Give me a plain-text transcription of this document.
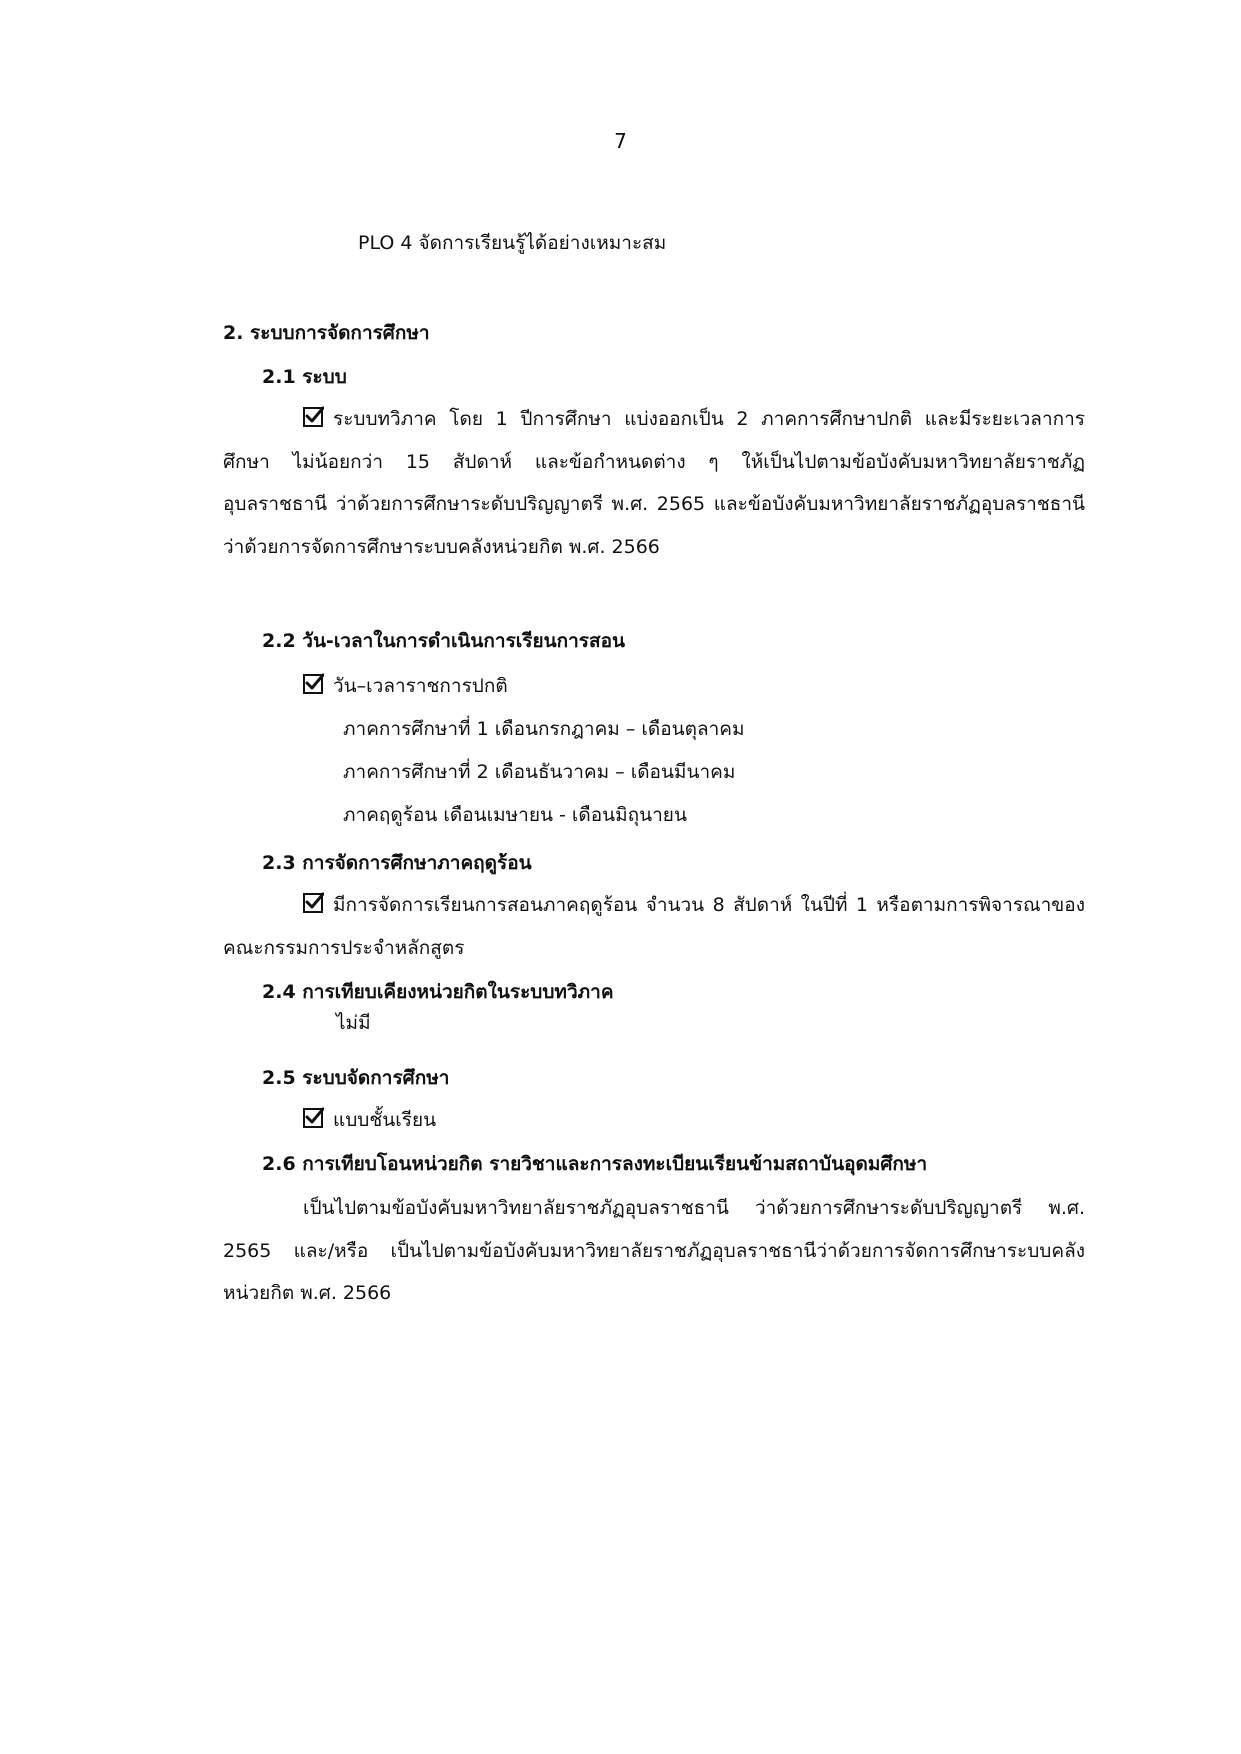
7
PLO 4 จัดการเรียนรู้ได้อย่างเหมาะสม
2. ระบบการจัดการศึกษา
2.1 ระบบ
ระบบทวิภาค โดย 1 ปีการศึกษา แบ่งออกเป็น 2 ภาคการศึกษาปกติ และมีระยะเวลาการศึกษา ไม่น้อยกว่า 15 สัปดาห์ และข้อกำหนดต่าง ๆ ให้เป็นไปตามข้อบังคับมหาวิทยาลัยราชภัฏอุบลราชธานี ว่าด้วยการศึกษาระดับปริญญาตรี พ.ศ. 2565 และข้อบังคับมหาวิทยาลัยราชภัฏอุบลราชธานีว่าด้วยการจัดการศึกษาระบบคลังหน่วยกิต พ.ศ. 2566
2.2 วัน-เวลาในการดำเนินการเรียนการสอน
วัน–เวลาราชการปกติ
ภาคการศึกษาที่ 1 เดือนกรกฎาคม – เดือนตุลาคม
ภาคการศึกษาที่ 2 เดือนธันวาคม – เดือนมีนาคม
ภาคฤดูร้อน เดือนเมษายน - เดือนมิถุนายน
2.3 การจัดการศึกษาภาคฤดูร้อน
มีการจัดการเรียนการสอนภาคฤดูร้อน จำนวน 8 สัปดาห์ ในปีที่ 1 หรือตามการพิจารณาของคณะกรรมการประจำหลักสูตร
2.4 การเทียบเคียงหน่วยกิตในระบบทวิภาค
ไม่มี
2.5 ระบบจัดการศึกษา
แบบชั้นเรียน
2.6 การเทียบโอนหน่วยกิต รายวิชาและการลงทะเบียนเรียนข้ามสถาบันอุดมศึกษา
เป็นไปตามข้อบังคับมหาวิทยาลัยราชภัฏอุบลราชธานี ว่าด้วยการศึกษาระดับปริญญาตรี พ.ศ. 2565 และ/หรือ เป็นไปตามข้อบังคับมหาวิทยาลัยราชภัฏอุบลราชธานีว่าด้วยการจัดการศึกษาระบบคลังหน่วยกิต พ.ศ. 2566
